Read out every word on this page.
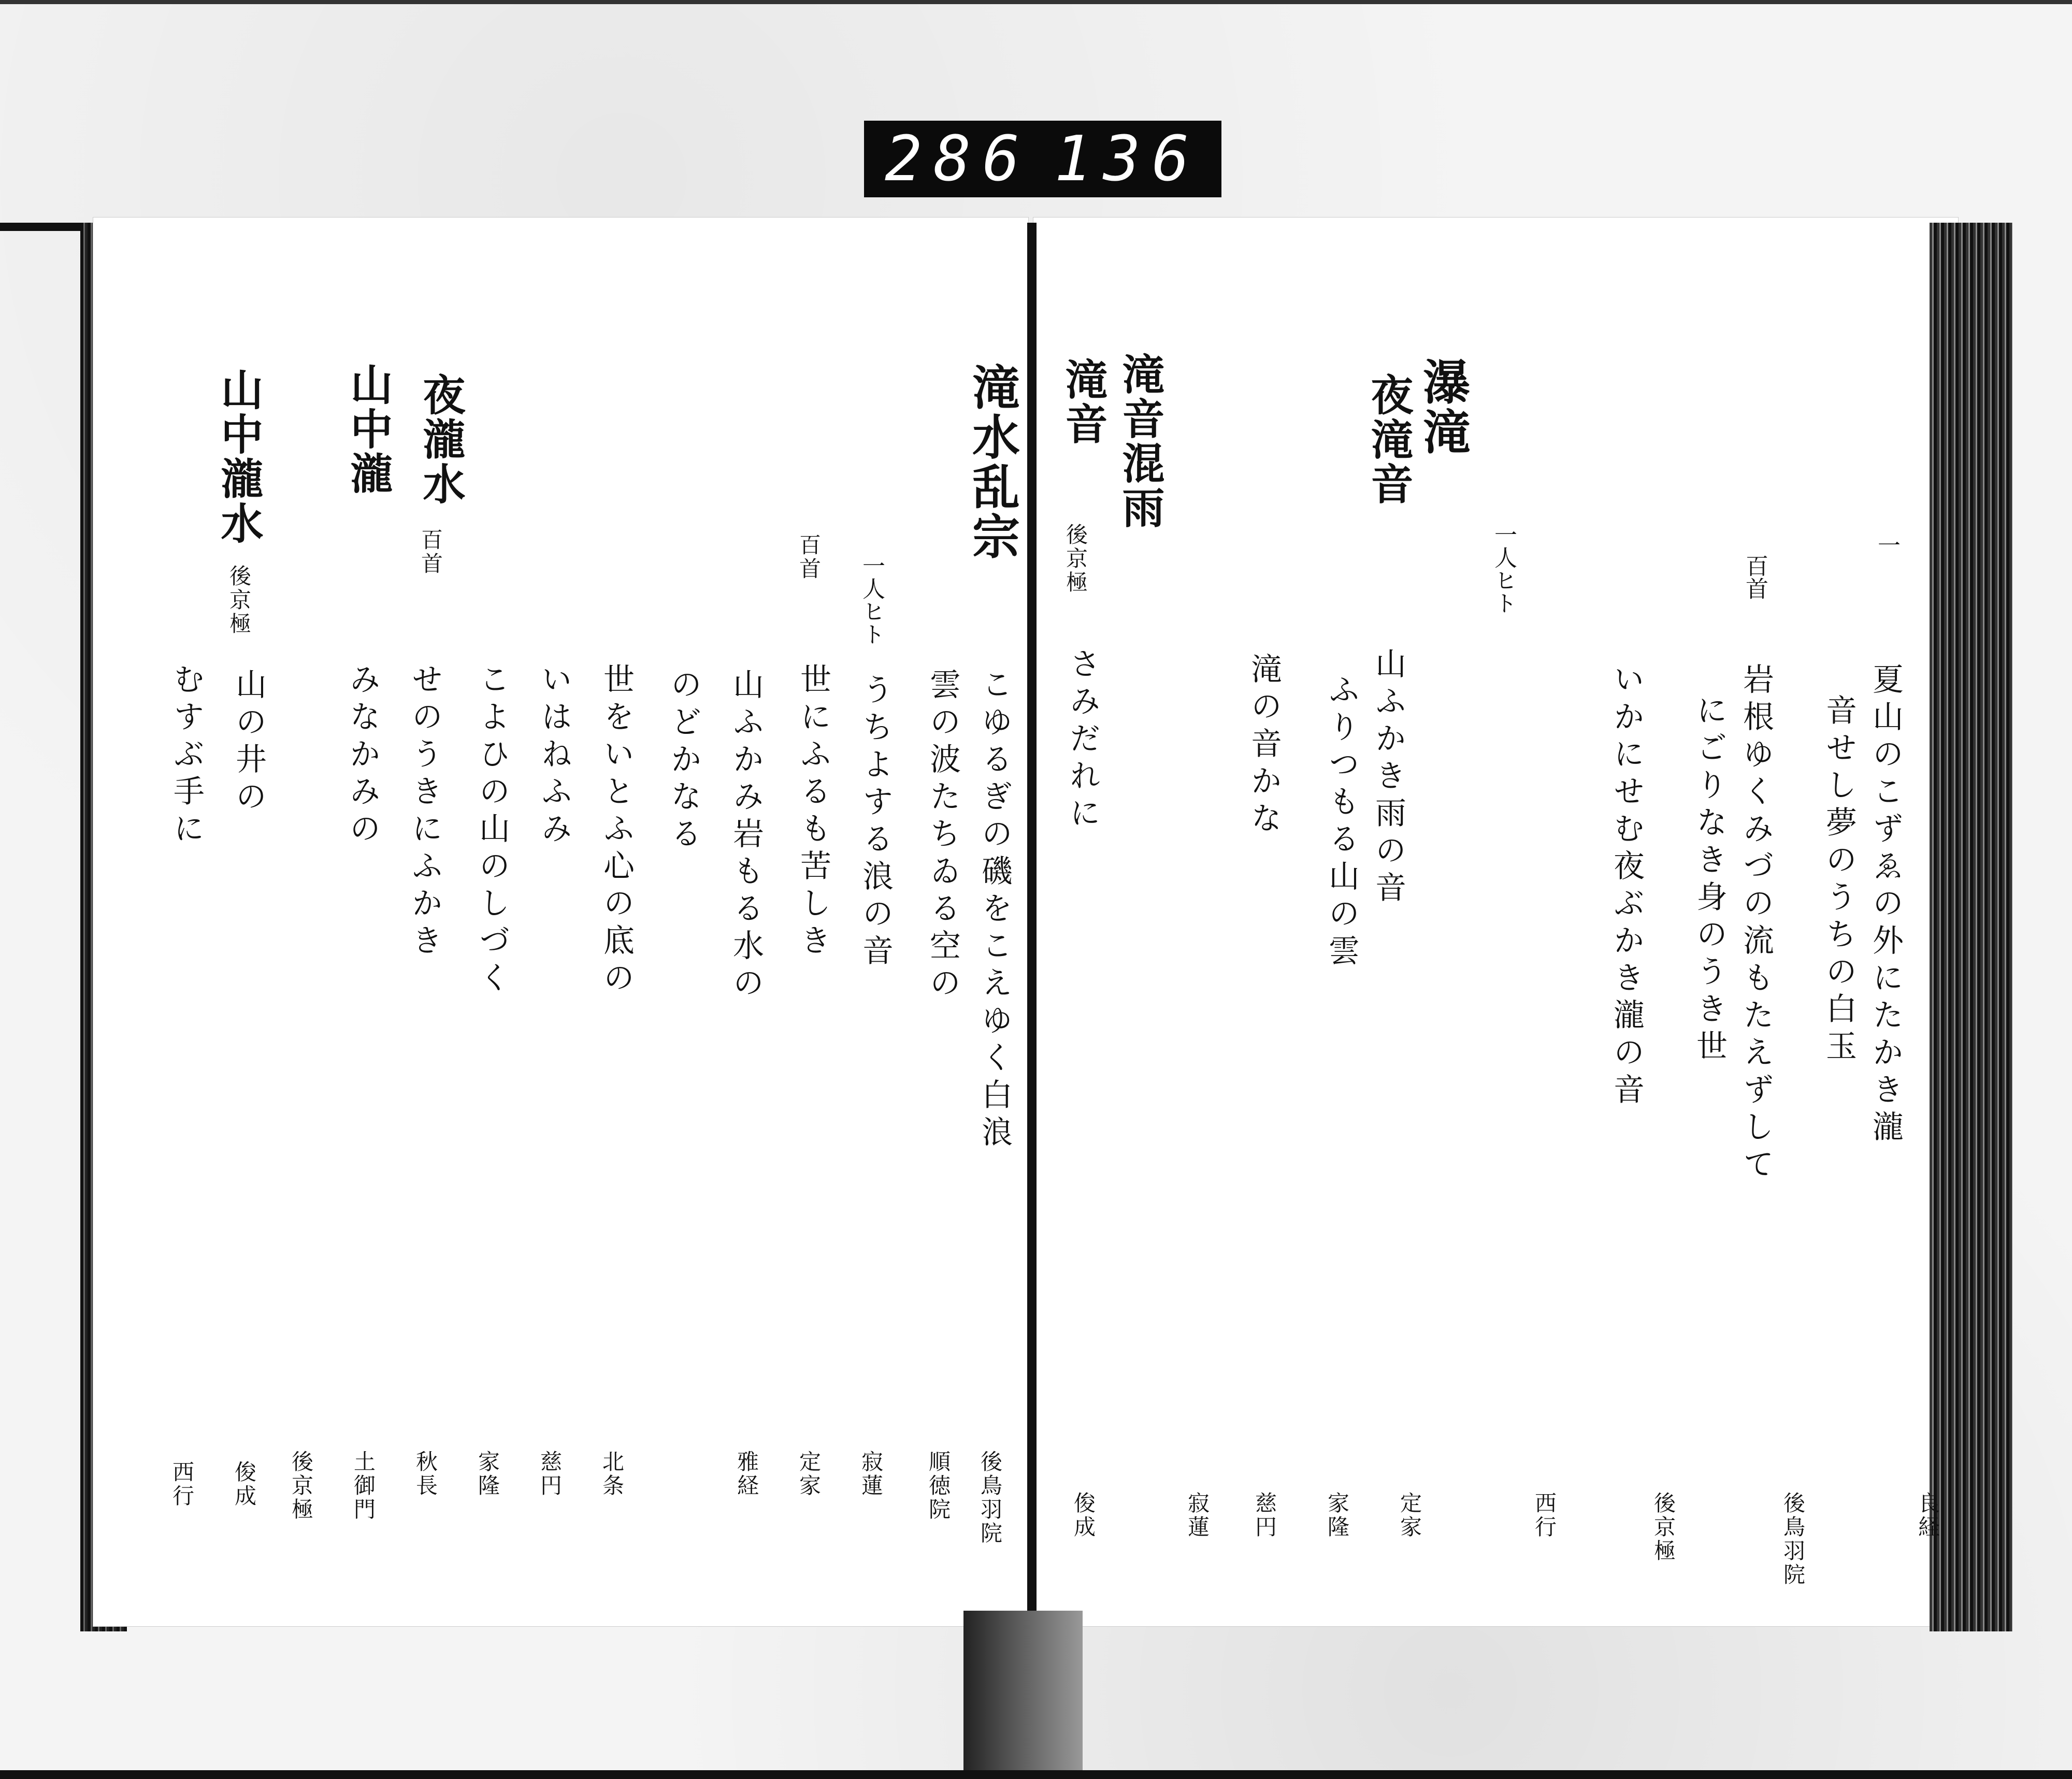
286 136
瀑滝
夜滝音
滝音混雨
滝音
一
百首
一人ヒト
後京極
夏山のこずゑの外にたかき瀧
音せし夢のうちの白玉
岩根ゆくみづの流もたえずして
にごりなき身のうき世
いかにせむ夜ぶかき瀧の音
山ふかき雨の音
ふりつもる山の雲
滝の音かな
さみだれに
良経
後鳥羽院
後京極
西行
定家
家隆
慈円
寂蓮
俊成
滝水乱宗
夜瀧水
山中瀧
山中瀧水
一人ヒト
百首
百首
後京極
こゆるぎの磯をこえゆく白浪
雲の波たちゐる空の
うちよする浪の音
世にふるも苦しき
山ふかみ岩もる水の
のどかなる
世をいとふ心の底の
いはねふみ
こよひの山のしづく
せのうきにふかき
みなかみの
山の井の
むすぶ手に
後鳥羽院
順徳院
寂蓮
定家
雅経
北条
慈円
家隆
秋長
土御門
後京極
俊成
西行
